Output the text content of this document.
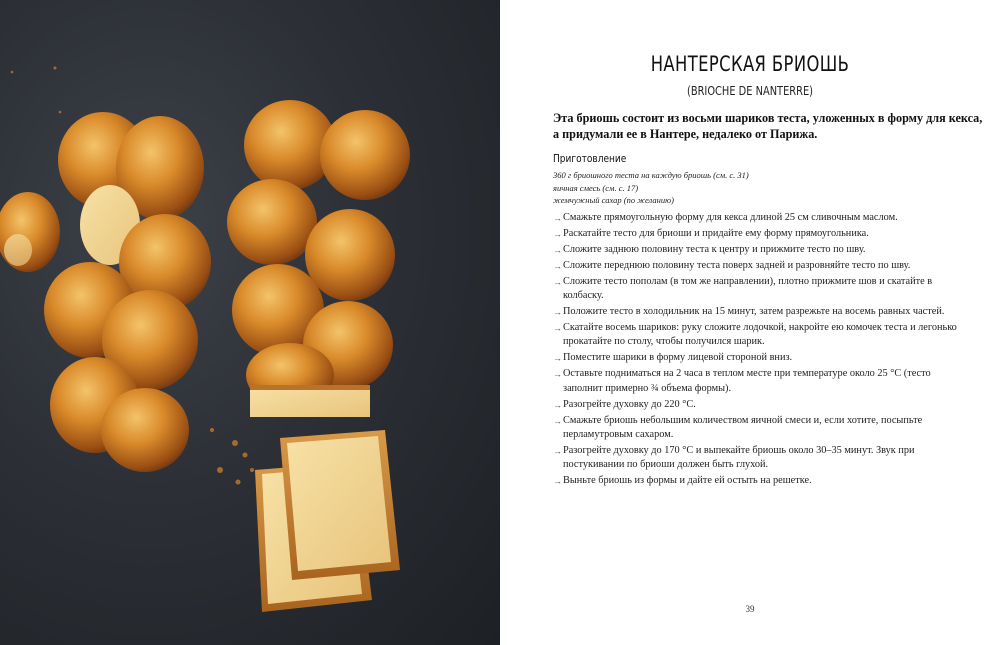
НАНТЕРСКАЯ БРИОШЬ
(BRIOCHE DE NANTERRE)
Эта бриошь состоит из восьми шариков теста, уложенных в форму для кекса,
а придумали ее в Нантере, недалеко от Парижа.
Приготовление
360 г бриошного теста на каждую бриошь (см. с. 31)
яичная смесь (см. с. 17)
жемчужный сахар (по желанию)
→ Смажьте прямоугольную форму для кекса длиной 25 см сливочным маслом.
→ Раскатайте тесто для бриоши и придайте ему форму прямоугольника.
→ Сложите заднюю половину теста к центру и прижмите тесто по шву.
→ Сложите переднюю половину теста поверх задней и разровняйте тесто по шву.
→ Сложите тесто пополам (в том же направлении), плотно прижмите шов и скатайте в колбаску.
→ Положите тесто в холодильник на 15 минут, затем разрежьте на восемь равных частей.
→ Скатайте восемь шариков: руку сложите лодочкой, накройте ею комочек теста и легонько прокатайте по столу, чтобы получился шарик.
→ Поместите шарики в форму лицевой стороной вниз.
→ Оставьте подниматься на 2 часа в теплом месте при температуре около 25 °С (тесто заполнит примерно ¾ объема формы).
→ Разогрейте духовку до 220 °С.
→ Смажьте бриошь небольшим количеством яичной смеси и, если хотите, посыпьте перламутровым сахаром.
→ Разогрейте духовку до 170 °С и выпекайте бриошь около 30–35 минут. Звук при постукивании по бриоши должен быть глухой.
→ Выньте бриошь из формы и дайте ей остыть на решетке.
39
